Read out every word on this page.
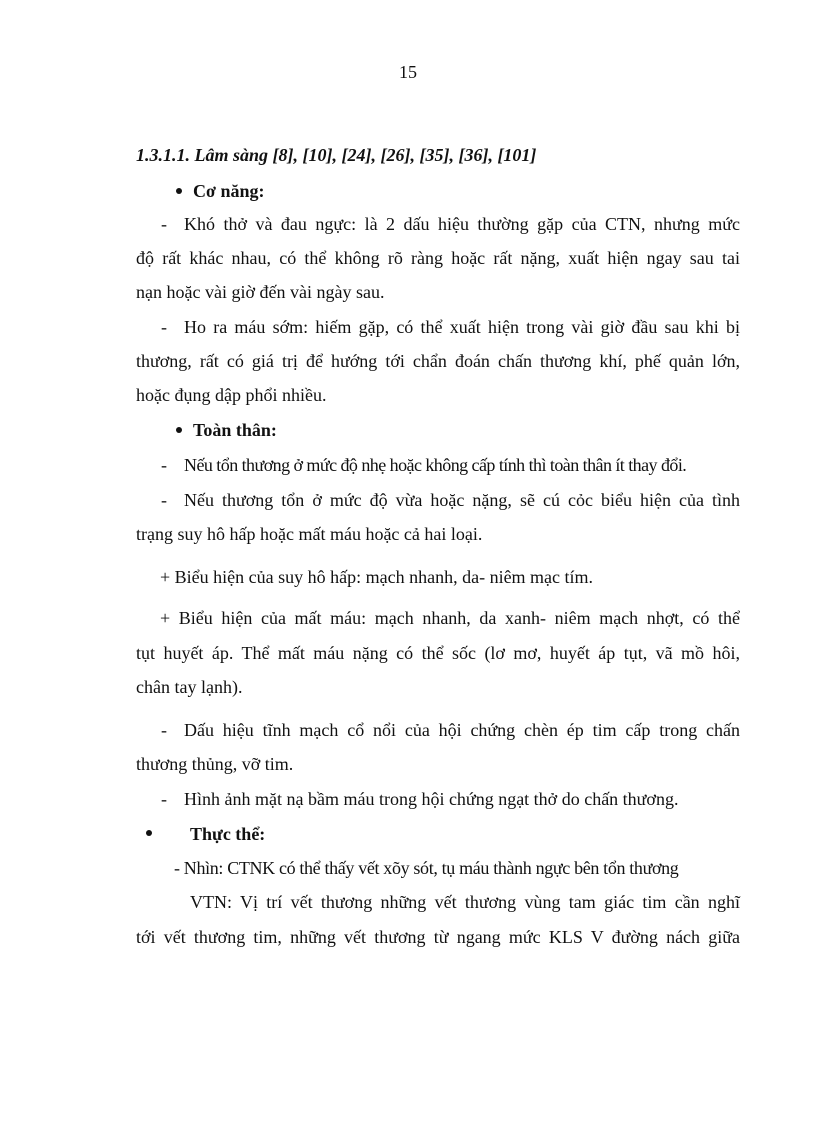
15
1.3.1.1. Lâm sàng [8], [10], [24], [26], [35], [36], [101]
Cơ năng:
- Khó thở và đau ngực: là 2 dấu hiệu thường gặp của CTN, nhưng mức
độ rất khác nhau, có thể không rõ ràng hoặc rất nặng, xuất hiện ngay sau tai
nạn hoặc vài giờ đến vài ngày sau.
- Ho ra máu sớm: hiếm gặp, có thể xuất hiện trong vài giờ đầu sau khi bị
thương, rất có giá trị để hướng tới chẩn đoán chấn thương khí, phế quản lớn,
hoặc đụng dập phổi nhiều.
Toàn thân:
- Nếu tổn thương ở mức độ nhẹ hoặc không cấp tính thì toàn thân ít thay đổi.
- Nếu thương tổn ở mức độ vừa hoặc nặng, sẽ cú cỏc biểu hiện của tình
trạng suy hô hấp hoặc mất máu hoặc cả hai loại.
+ Biểu hiện của suy hô hấp: mạch nhanh, da- niêm mạc tím.
+ Biểu hiện của mất máu: mạch nhanh, da xanh- niêm mạch nhợt, có thể
tụt huyết áp. Thể mất máu nặng có thể sốc (lơ mơ, huyết áp tụt, vã mồ hôi,
chân tay lạnh).
- Dấu hiệu tĩnh mạch cổ nổi của hội chứng chèn ép tim cấp trong chấn
thương thủng, vỡ tim.
- Hình ảnh mặt nạ bầm máu trong hội chứng ngạt thở do chấn thương.
Thực thể:
- Nhìn: CTNK có thể thấy vết xõy sót, tụ máu thành ngực bên tổn thương
VTN: Vị trí vết thương những vết thương vùng tam giác tim cần nghĩ
tới vết thương tim, những vết thương từ ngang mức KLS V đường nách giữa
